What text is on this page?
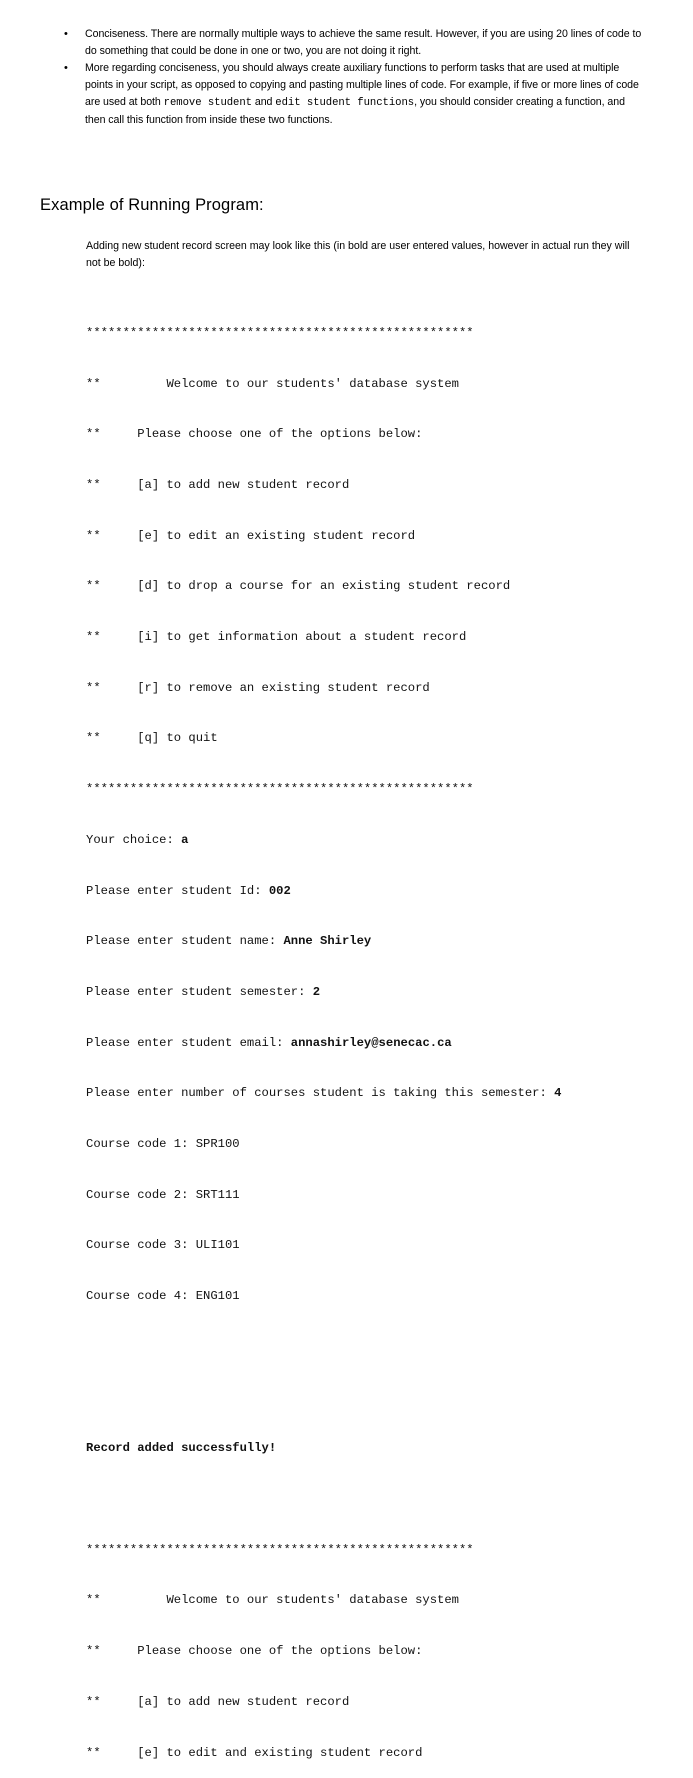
• Conciseness. There are normally multiple ways to achieve the same result. However, if you are using 20 lines of code to do something that could be done in one or two, you are not doing it right.
• More regarding conciseness, you should always create auxiliary functions to perform tasks that are used at multiple points in your script, as opposed to copying and pasting multiple lines of code. For example, if five or more lines of code are used at both remove student and edit student functions, you should consider creating a function, and then call this function from inside these two functions.
Example of Running Program:

Adding new student record screen may look like this (in bold are user entered values, however in actual run they will not be bold):

*****************************************************

**         Welcome to our students' database system

**     Please choose one of the options below:

**     [a] to add new student record

**     [e] to edit an existing student record

**     [d] to drop a course for an existing student record

**     [i] to get information about a student record

**     [r] to remove an existing student record

**     [q] to quit

*****************************************************

Your choice: a

Please enter student Id: 002

Please enter student name: Anne Shirley

Please enter student semester: 2

Please enter student email: annashirley@senecac.ca

Please enter number of courses student is taking this semester: 4

Course code 1: SPR100

Course code 2: SRT111

Course code 3: ULI101

Course code 4: ENG101

Record added successfully!

*****************************************************

**         Welcome to our students' database system

**     Please choose one of the options below:

**     [a] to add new student record

**     [e] to edit and existing student record
